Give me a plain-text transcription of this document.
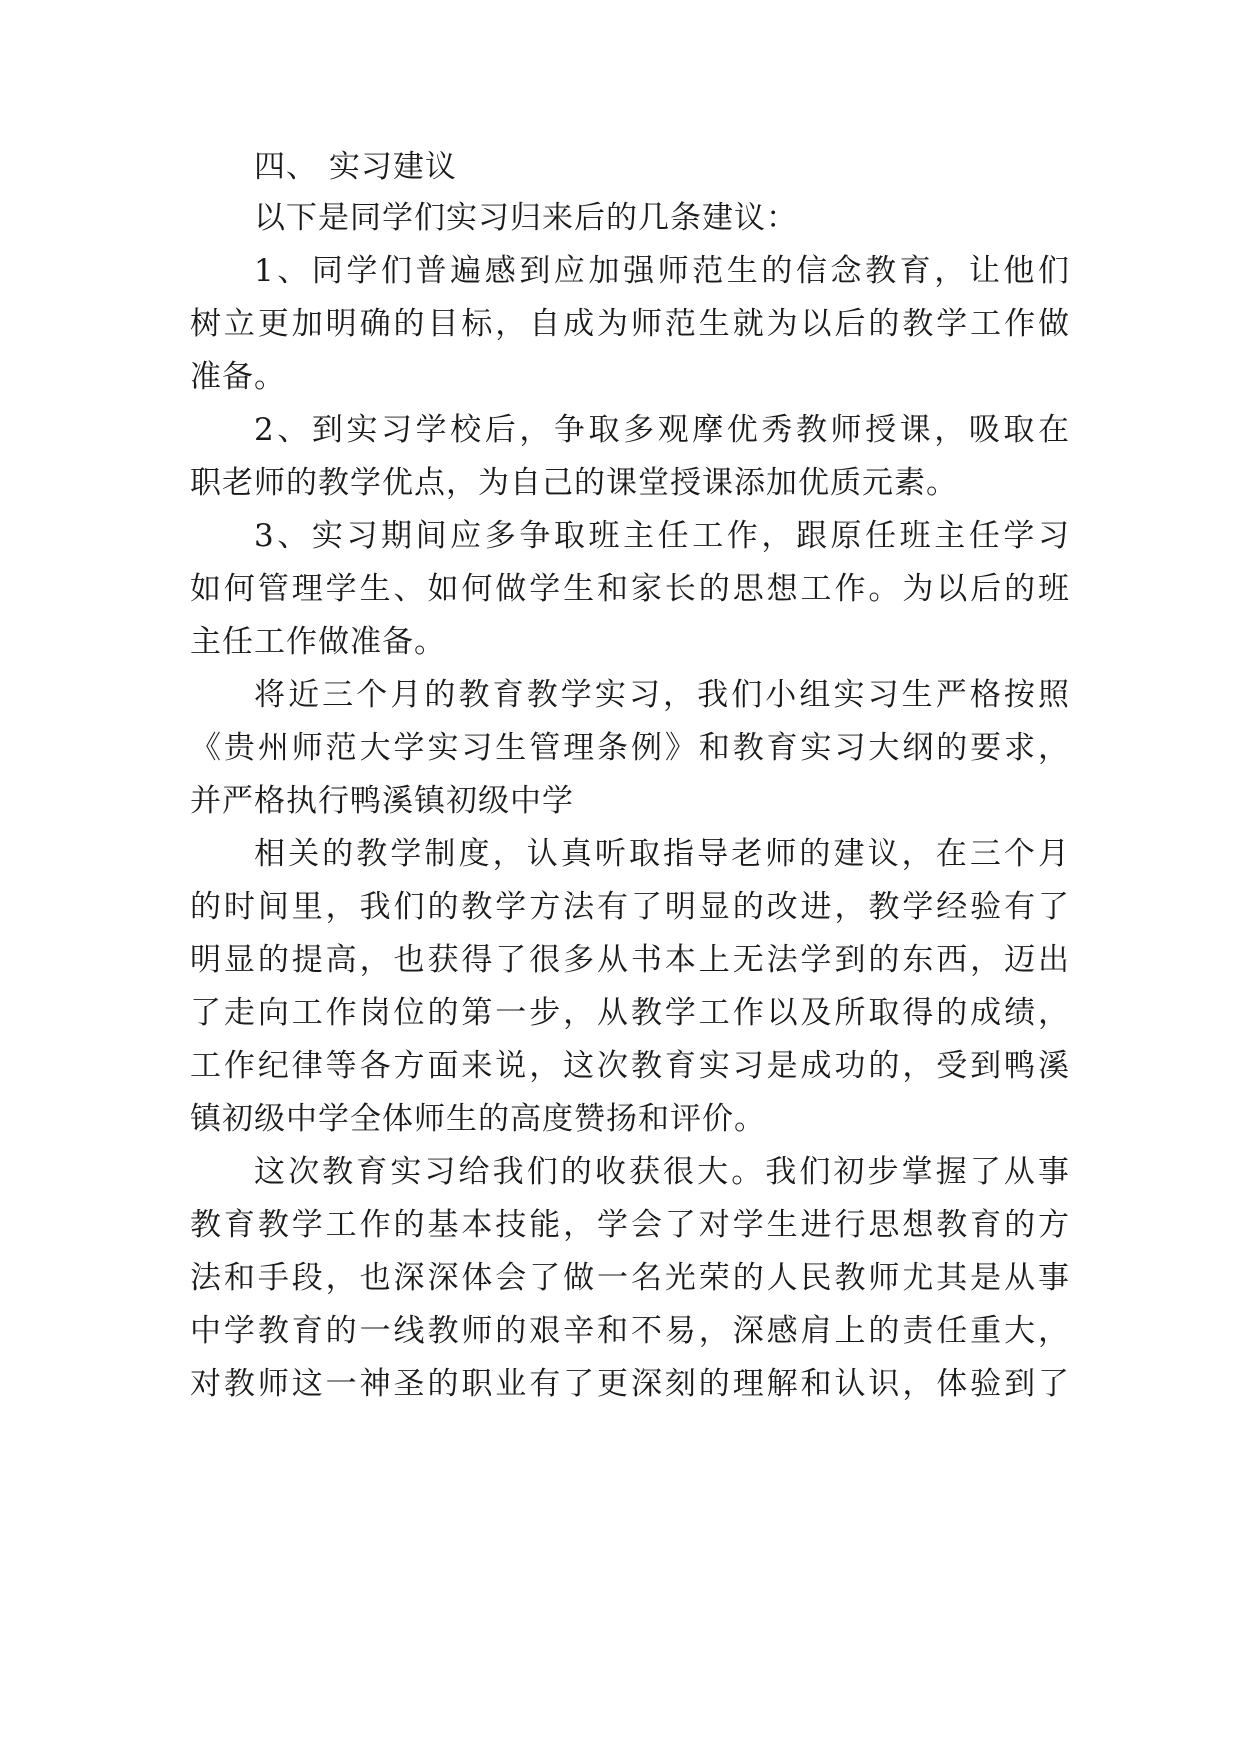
四、 实习建议
以下是同学们实习归来后的几条建议：
1、同学们普遍感到应加强师范生的信念教育，让他们
树立更加明确的目标，自成为师范生就为以后的教学工作做
准备。
2、到实习学校后，争取多观摩优秀教师授课，吸取在
职老师的教学优点，为自己的课堂授课添加优质元素。
3、实习期间应多争取班主任工作，跟原任班主任学习
如何管理学生、如何做学生和家长的思想工作。为以后的班
主任工作做准备。
将近三个月的教育教学实习，我们小组实习生严格按照
《贵州师范大学实习生管理条例》和教育实习大纲的要求，
并严格执行鸭溪镇初级中学
相关的教学制度，认真听取指导老师的建议，在三个月
的时间里，我们的教学方法有了明显的改进，教学经验有了
明显的提高，也获得了很多从书本上无法学到的东西，迈出
了走向工作岗位的第一步，从教学工作以及所取得的成绩，
工作纪律等各方面来说，这次教育实习是成功的，受到鸭溪
镇初级中学全体师生的高度赞扬和评价。
这次教育实习给我们的收获很大。我们初步掌握了从事
教育教学工作的基本技能，学会了对学生进行思想教育的方
法和手段，也深深体会了做一名光荣的人民教师尤其是从事
中学教育的一线教师的艰辛和不易，深感肩上的责任重大，
对教师这一神圣的职业有了更深刻的理解和认识，体验到了
